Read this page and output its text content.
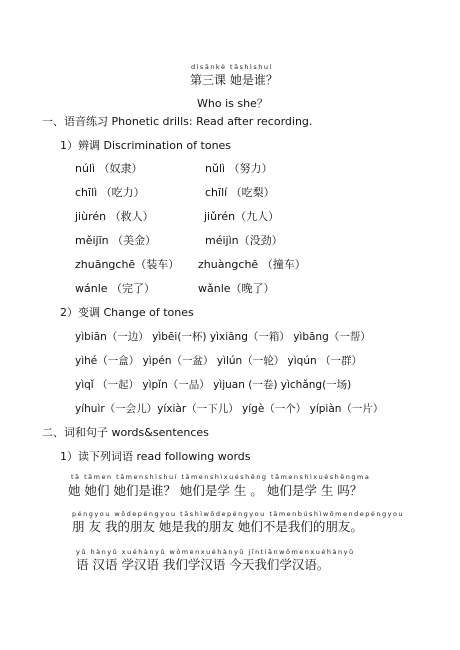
dìsānkè tāshìshuí
第三课 她是谁？
Who is she？
一、语音练习 Phonetic drills: Read after recording.
1）辨调 Discrimination of tones
núlì （奴隶）	nǔlì （努力）
chīlì （吃力）	chīlí （吃梨）
jiùrén （救人）	jiǔrén（九人）
měijīn （美金）	méijìn（没劲）
zhuāngchē（装车） zhuàngchē （撞车）
wánle （完了）	wǎnle（晚了）
2）变调 Change of tones
yìbiān（一边） yìbēi(一杯) yìxiāng（一箱） yìbāng（一帮）
yìhé（一盒） yìpén（一盆） yìlún（一轮） yìqún （一群）
yìqǐ （一起） yìpǐn（一品） yìjuan (一卷) yìchǎng(一场)
yíhuìr（一会儿）yíxiàr（一下儿） yígè（一个） yípiàn（一片）
二、词和句子 words&sentences
1）读下列词语 read following words
tā tāmen tāmenshìshuí tāmenshìxuéshēng tāmenshìxuéshēngma
她 她们 她们是谁？ 她们是学 生 。 她们是学 生 吗？
péngyou wǒdepéngyou tāshìwǒdepéngyou tāmenbúshìwǒmendepéngyou
朋 友 我的朋友 她是我的朋友 她们不是我们的朋友。
yǔ hànyǔ xuéhànyǔ wǒmenxuéhànyǔ jīntiānwǒmenxuéhànyǔ
语 汉语 学汉语 我们学汉语 今天我们学汉语。
